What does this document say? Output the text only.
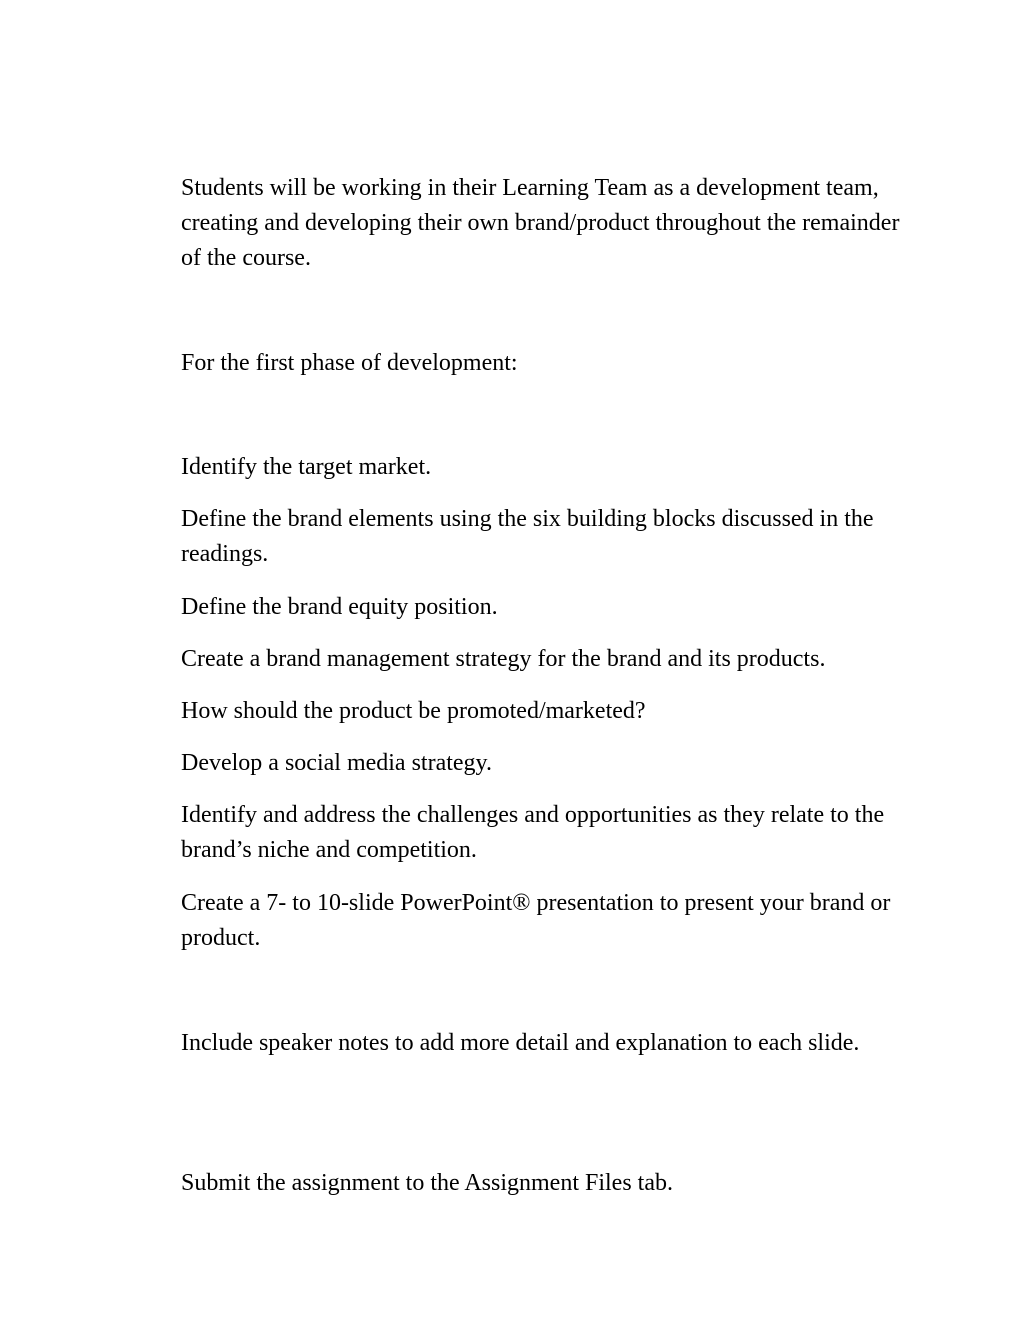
Students will be working in their Learning Team as a development team, creating and developing their own brand/product throughout the remainder of the course.

For the first phase of development:

Identify the target market.

Define the brand elements using the six building blocks discussed in the readings.

Define the brand equity position.

Create a brand management strategy for the brand and its products.

How should the product be promoted/marketed?

Develop a social media strategy.

Identify and address the challenges and opportunities as they relate to the brand’s niche and competition.

Create a 7- to 10-slide PowerPoint® presentation to present your brand or product.

Include speaker notes to add more detail and explanation to each slide.

Submit the assignment to the Assignment Files tab.
